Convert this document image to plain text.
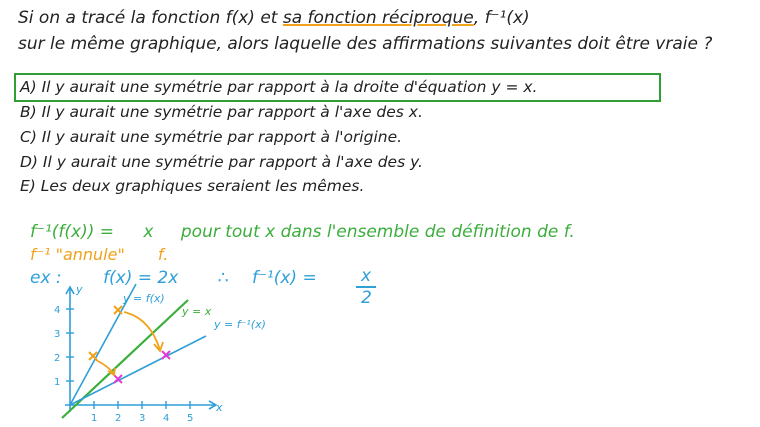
Si on a tracé la fonction f(x) et sa fonction réciproque, f⁻¹(x)
sur le même graphique, alors laquelle des affirmations suivantes doit être vraie ?
A) Il y aurait une symétrie par rapport à la droite d'équation y = x.
B) Il y aurait une symétrie par rapport à l'axe des x.
C) Il y aurait une symétrie par rapport à l'origine.
D) Il y aurait une symétrie par rapport à l'axe des y.
E) Les deux graphiques seraient les mêmes.
f⁻¹(f(x)) = x pour tout x dans l'ensemble de définition de f.
f⁻¹ "annule" f.
ex : f(x) = 2x ∴ f⁻¹(x) =	x
2
x
y
1 2 3 4 5
1
2
3
4
y = f(x)
y = x
y = f⁻¹(x)
